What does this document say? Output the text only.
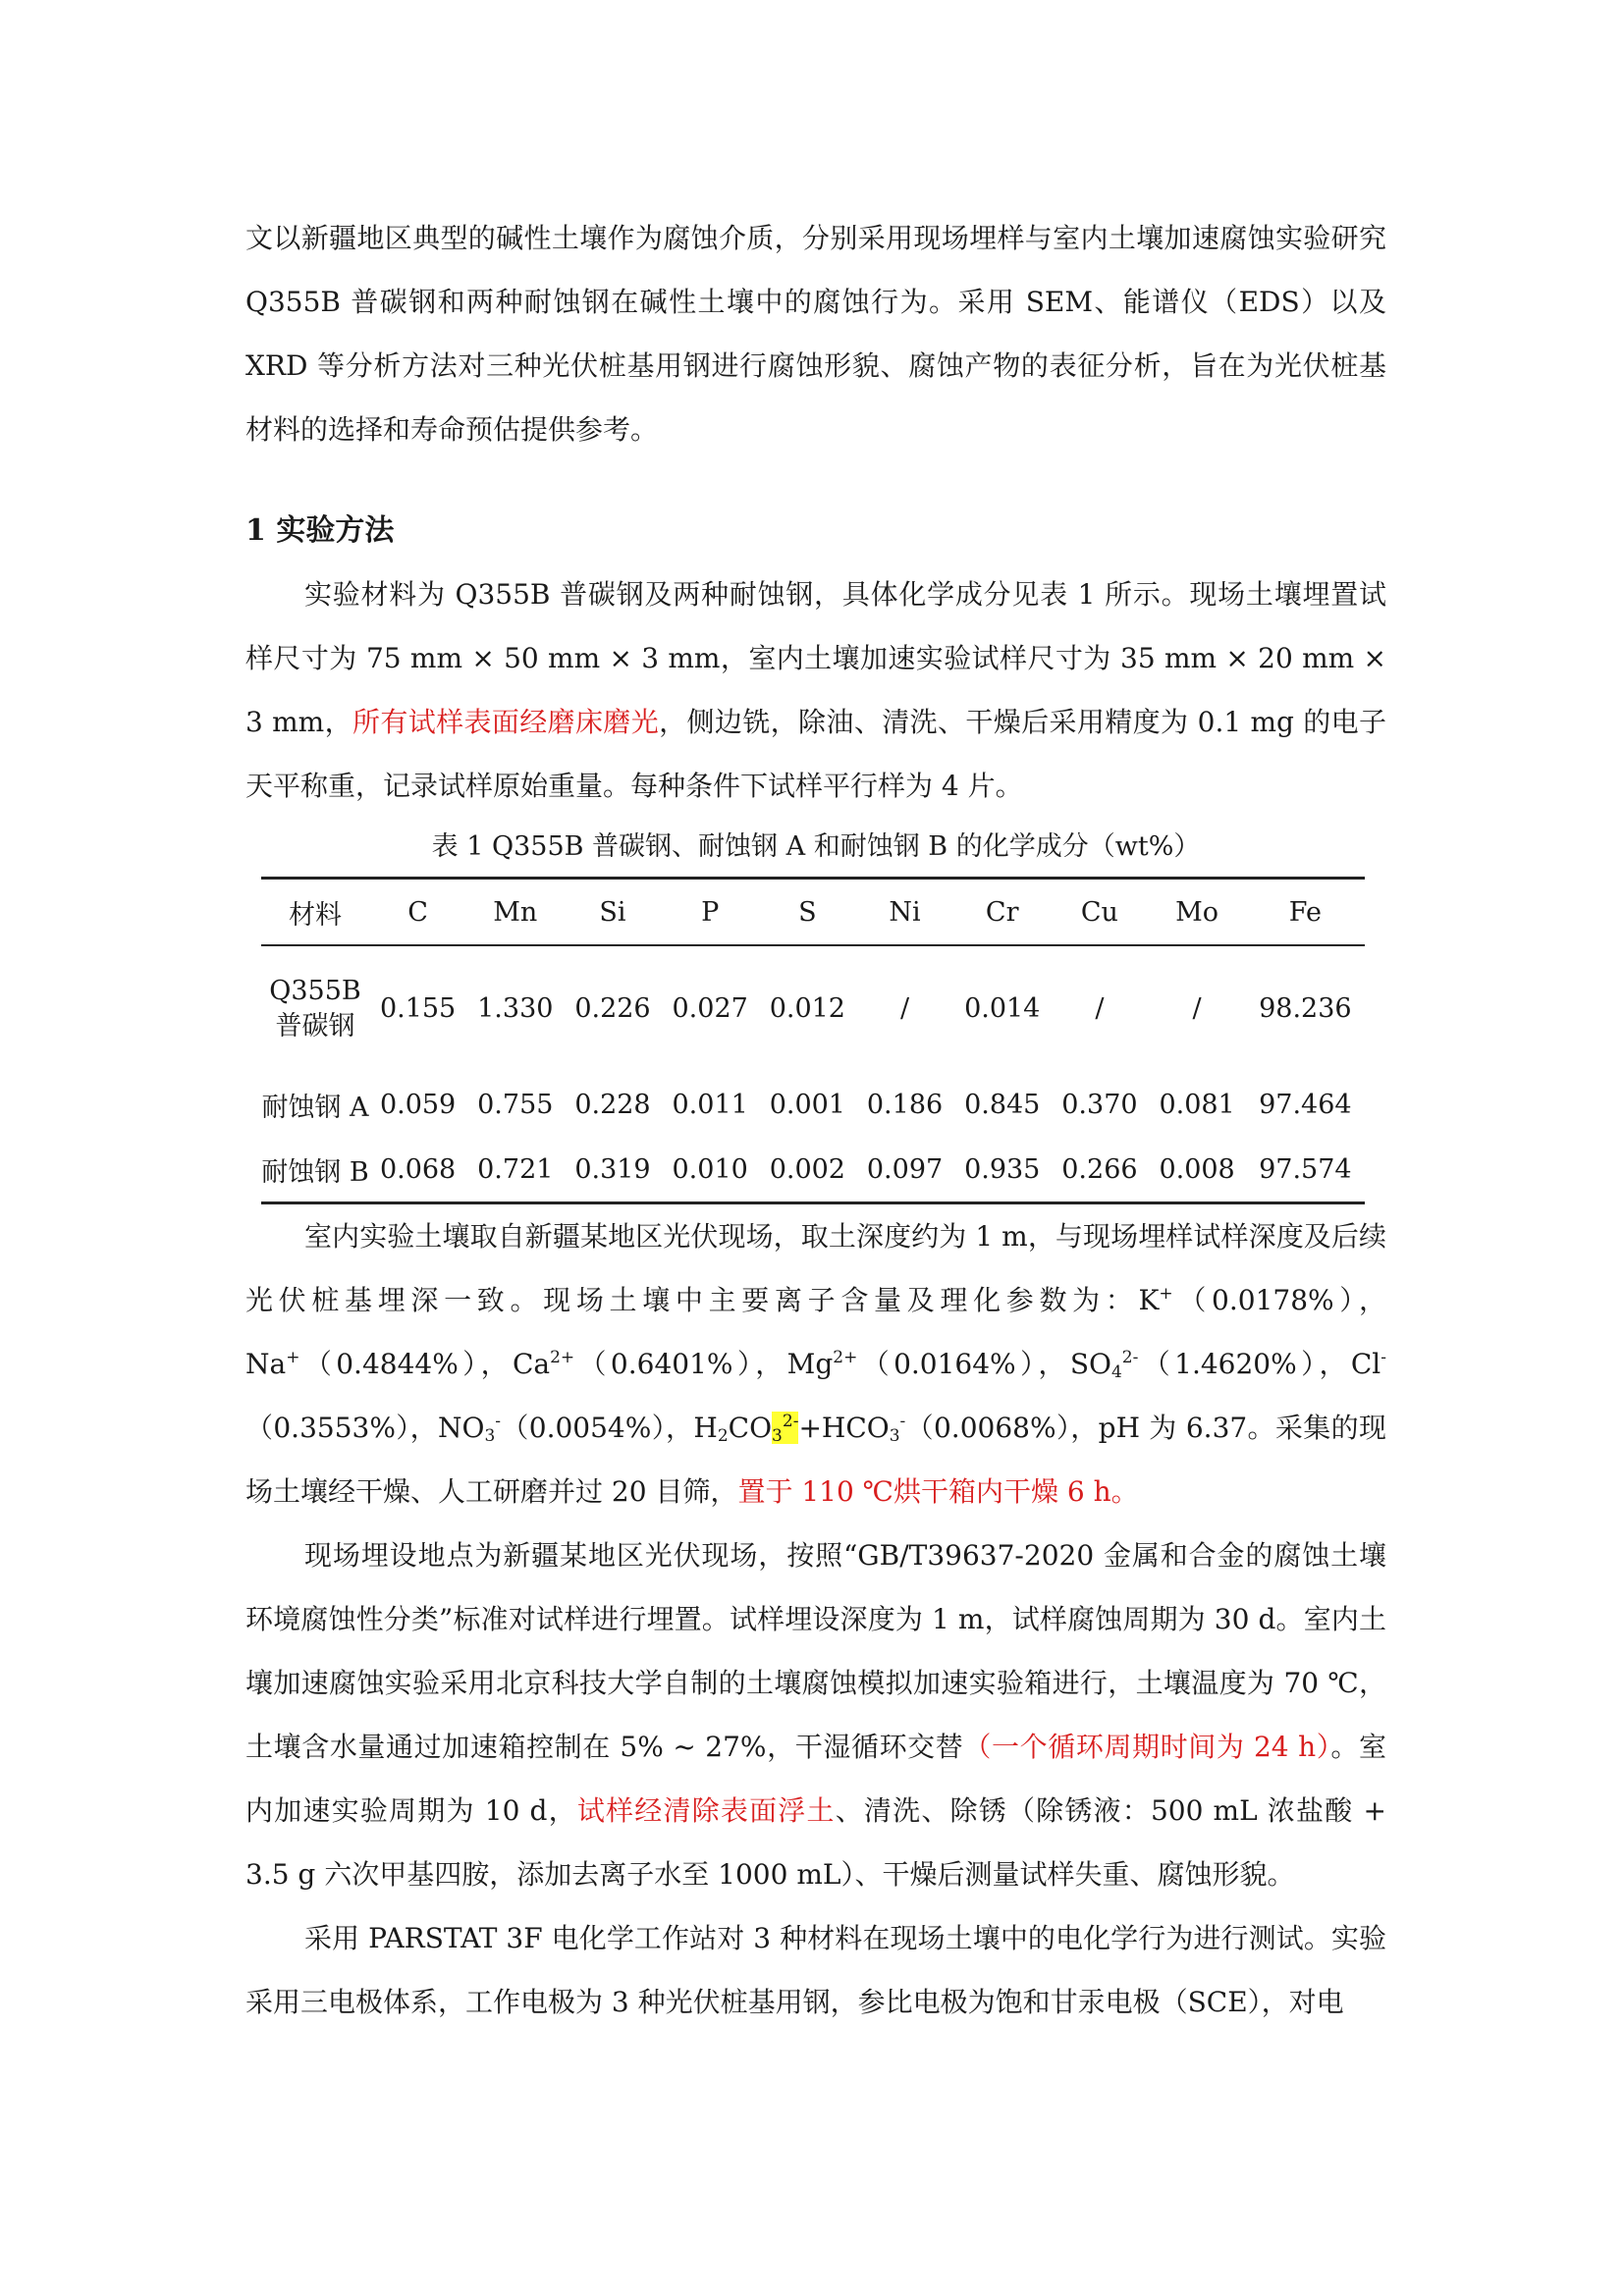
文以新疆地区典型的碱性土壤作为腐蚀介质，分别采用现场埋样与室内土壤加速腐蚀实验研究 Q355B 普碳钢和两种耐蚀钢在碱性土壤中的腐蚀行为。采用 SEM、能谱仪（EDS）以及 XRD 等分析方法对三种光伏桩基用钢进行腐蚀形貌、腐蚀产物的表征分析，旨在为光伏桩基材料的选择和寿命预估提供参考。

1 实验方法

实验材料为 Q355B 普碳钢及两种耐蚀钢，具体化学成分见表 1 所示。现场土壤埋置试样尺寸为 75 mm × 50 mm × 3 mm，室内土壤加速实验试样尺寸为 35 mm × 20 mm × 3 mm，所有试样表面经磨床磨光，侧边铣，除油、清洗、干燥后采用精度为 0.1 mg 的电子天平称重，记录试样原始重量。每种条件下试样平行样为 4 片。

表 1 Q355B 普碳钢、耐蚀钢 A 和耐蚀钢 B 的化学成分（wt%）
材料	C	Mn	Si	P	S	Ni	Cr	Cu	Mo	Fe

Q355B
普碳钢	0.155	1.330	0.226	0.027	0.012	/	0.014	/	/	98.236
耐蚀钢 A	0.059	0.755	0.228	0.011	0.001	0.186	0.845	0.370	0.081	97.464
耐蚀钢 B	0.068	0.721	0.319	0.010	0.002	0.097	0.935	0.266	0.008	97.574

室内实验土壤取自新疆某地区光伏现场，取土深度约为 1 m，与现场埋样试样深度及后续光伏桩基埋深一致。现场土壤中主要离子含量及理化参数为：K+（0.0178%），Na+（0.4844%），$Ca^{2+}(0.6401\%)$，$Mg^{2+}(0.0164\%)$，$SO_4^{2-}(1.4620\%)$，Cl-（0.3553%），$NO_3^-(0.0054\%)$，$H_2CO_3^{2-}+HCO_3^-(0.0068\%)$，pH 为 6.37。采集的现场土壤经干燥、人工研磨并过 20 目筛，置于 110 ℃烘干箱内干燥 6 h。

现场埋设地点为新疆某地区光伏现场，按照“GB/T39637-2020 金属和合金的腐蚀土壤环境腐蚀性分类”标准对试样进行埋置。试样埋设深度为 1 m，试样腐蚀周期为 30 d。室内土壤加速腐蚀实验采用北京科技大学自制的土壤腐蚀模拟加速实验箱进行，土壤温度为 70 ℃，土壤含水量通过加速箱控制在 5% ~ 27%，干湿循环交替（一个循环周期时间为 24 h）。室内加速实验周期为 10 d，试样经清除表面浮土、清洗、除锈（除锈液：500 mL 浓盐酸 + 3.5 g 六次甲基四胺，添加去离子水至 1000 mL）、干燥后测量试样失重、腐蚀形貌。

采用 PARSTAT 3F 电化学工作站对 3 种材料在现场土壤中的电化学行为进行测试。实验采用三电极体系，工作电极为 3 种光伏桩基用钢，参比电极为饱和甘汞电极（SCE），对电
